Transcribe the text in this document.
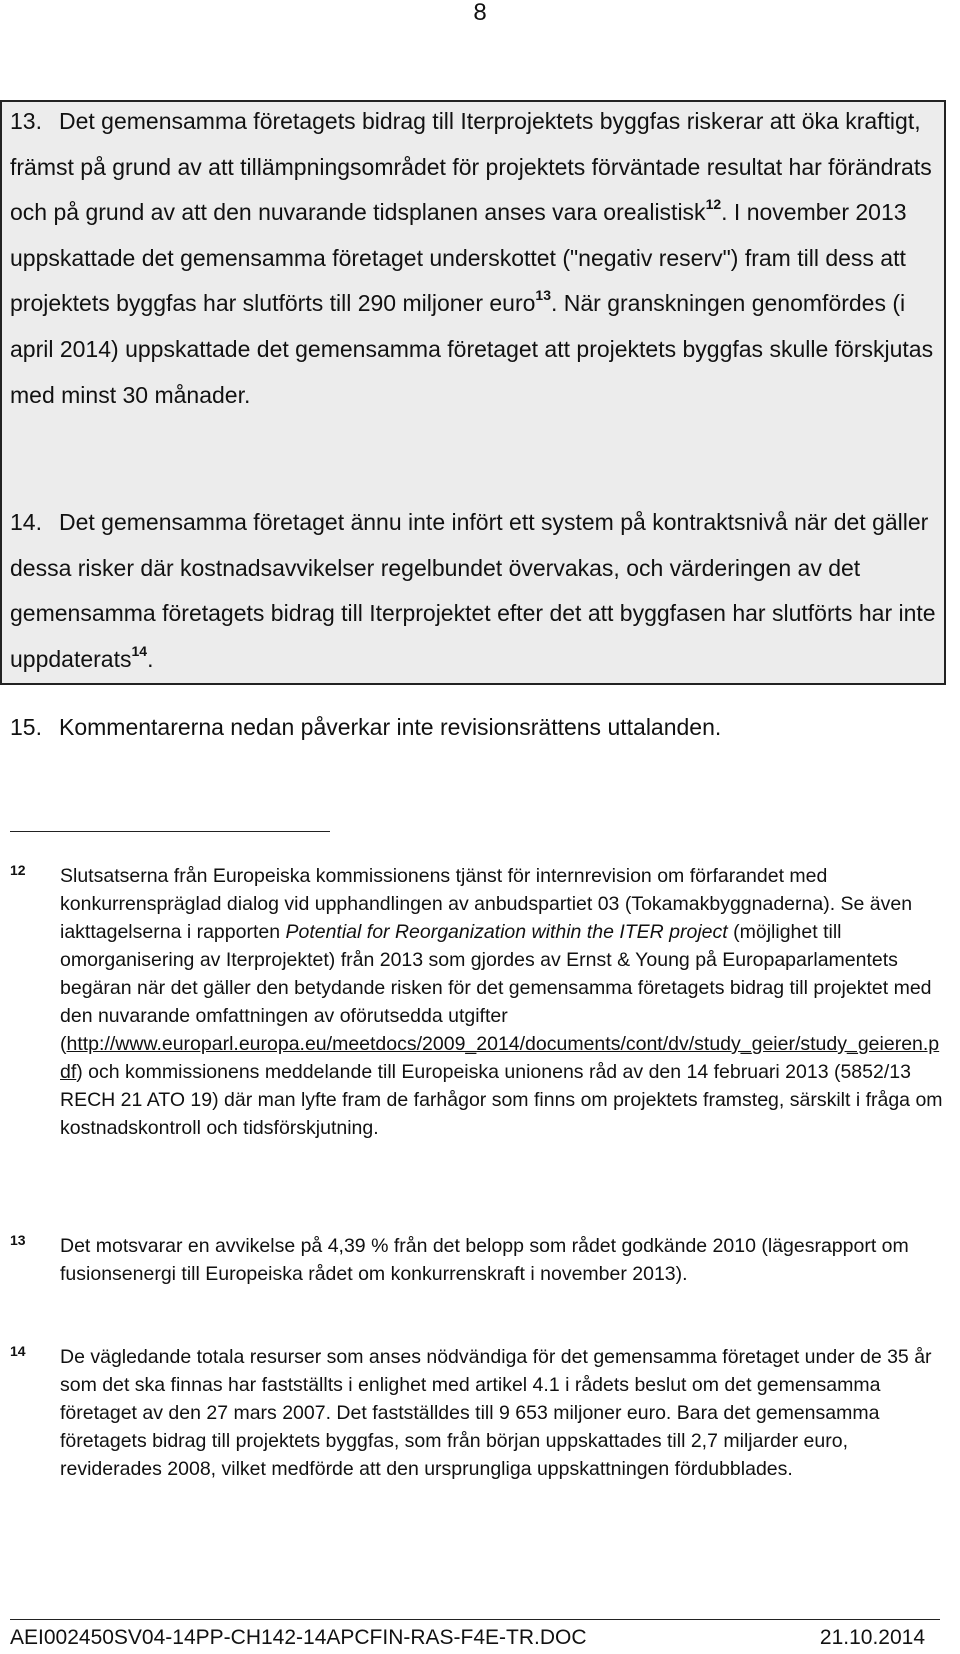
8

13. Det gemensamma företagets bidrag till Iterprojektets byggfas riskerar att öka kraftigt, främst på grund av att tillämpningsområdet för projektets förväntade resultat har förändrats och på grund av att den nuvarande tidsplanen anses vara orealistisk$^{12}$. I november 2013 uppskattade det gemensamma företaget underskottet ("negativ reserv") fram till dess att projektets byggfas har slutförts till 290 miljoner euro$^{13}$. När granskningen genomfördes (i april 2014) uppskattade det gemensamma företaget att projektets byggfas skulle förskjutas med minst 30 månader.

14. Det gemensamma företaget ännu inte infört ett system på kontraktsnivå när det gäller dessa risker där kostnadsavvikelser regelbundet övervakas, och värderingen av det gemensamma företagets bidrag till Iterprojektet efter det att byggfasen har slutförts har inte uppdaterats$^{14}$.

15. Kommentarerna nedan påverkar inte revisionsrättens uttalanden.

12 Slutsatserna från Europeiska kommissionens tjänst för internrevision om förfarandet med konkurrenspräglad dialog vid upphandlingen av anbudspartiet 03 (Tokamakbyggnaderna). Se även iakttagelserna i rapporten Potential for Reorganization within the ITER project (möjlighet till omorganisering av Iterprojektet) från 2013 som gjordes av Ernst & Young på Europaparlamentets begäran när det gäller den betydande risken för det gemensamma företagets bidrag till projektet med den nuvarande omfattningen av oförutsedda utgifter (http://www.europarl.europa.eu/meetdocs/2009_2014/documents/cont/dv/study_geier/study_geieren.pdf) och kommissionens meddelande till Europeiska unionens råd av den 14 februari 2013 (5852/13 RECH 21 ATO 19) där man lyfte fram de farhågor som finns om projektets framsteg, särskilt i fråga om kostnadskontroll och tidsförskjutning.

13 Det motsvarar en avvikelse på 4,39 % från det belopp som rådet godkände 2010 (lägesrapport om fusionsenergi till Europeiska rådet om konkurrenskraft i november 2013).

14 De vägledande totala resurser som anses nödvändiga för det gemensamma företaget under de 35 år som det ska finnas har fastställts i enlighet med artikel 4.1 i rådets beslut om det gemensamma företaget av den 27 mars 2007. Det fastställdes till 9 653 miljoner euro. Bara det gemensamma företagets bidrag till projektets byggfas, som från början uppskattades till 2,7 miljarder euro, reviderades 2008, vilket medförde att den ursprungliga uppskattningen fördubblades.

AEI002450SV04-14PP-CH142-14APCFIN-RAS-F4E-TR.DOC	21.10.2014
